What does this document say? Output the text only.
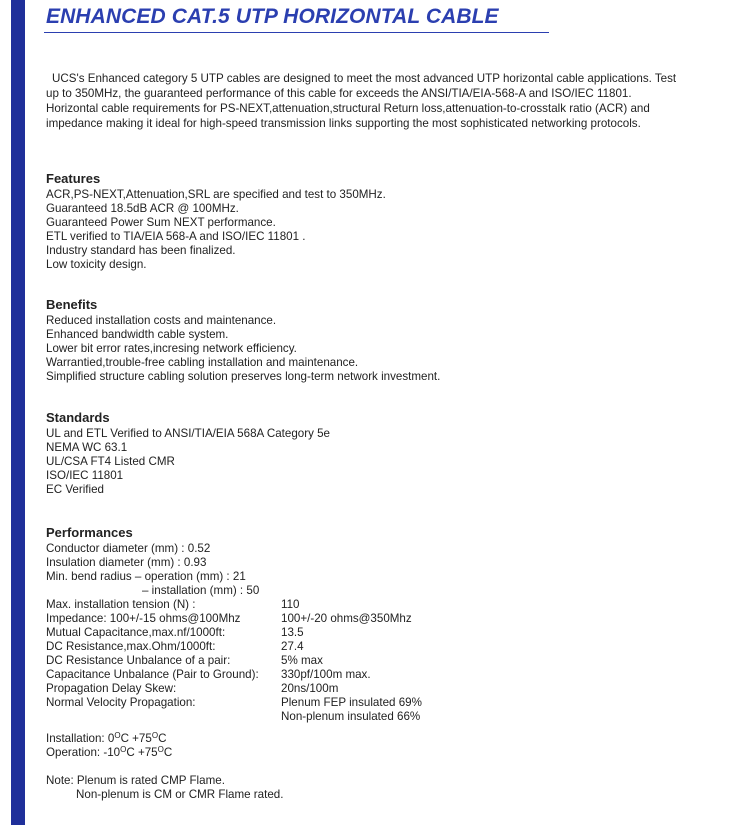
ENHANCED CAT.5 UTP HORIZONTAL CABLE

UCS's Enhanced category 5 UTP cables are designed to meet the most advanced UTP horizontal cable applications. Test up to 350MHz, the guaranteed performance of this cable for exceeds the ANSI/TIA/EIA-568-A and ISO/IEC 11801. Horizontal cable requirements for PS-NEXT,attenuation,structural Return loss,attenuation-to-crosstalk ratio (ACR) and impedance making it ideal for high-speed transmission links supporting the most sophisticated networking protocols.

Features
ACR,PS-NEXT,Attenuation,SRL are specified and test to 350MHz.
Guaranteed 18.5dB ACR @ 100MHz.
Guaranteed Power Sum NEXT performance.
ETL verified to TIA/EIA 568-A and ISO/IEC 11801 .
Industry standard has been finalized.
Low toxicity design.
Benefits
Reduced installation costs and maintenance.
Enhanced bandwidth cable system.
Lower bit error rates,incresing network efficiency.
Warrantied,trouble-free cabling installation and maintenance.
Simplified structure cabling solution preserves long-term network investment.
Standards
UL and ETL Verified to ANSI/TIA/EIA 568A Category 5e
NEMA WC 63.1
UL/CSA FT4 Listed CMR
ISO/IEC 11801
EC Verified
Performances
Conductor diameter (mm) : 0.52
Insulation diameter (mm) : 0.93
Min. bend radius – operation (mm) : 21
– installation (mm) : 50
Max. installation tension (N) :	110
Impedance: 100+/-15 ohms@100Mhz	100+/-20 ohms@350Mhz
Mutual Capacitance,max.nf/1000ft:	13.5
DC Resistance,max.Ohm/1000ft:	27.4
DC Resistance Unbalance of a pair:	5% max
Capacitance Unbalance (Pair to Ground): 330pf/100m max.
Propagation Delay Skew:	20ns/100m
Normal Velocity Propagation:	Plenum FEP insulated 69%
Non-plenum insulated 66%
Installation: $0^OC +75^OC$
Operation: $-10^OC +75^OC$
Note: Plenum is rated CMP Flame.
Non-plenum is CM or CMR Flame rated.
